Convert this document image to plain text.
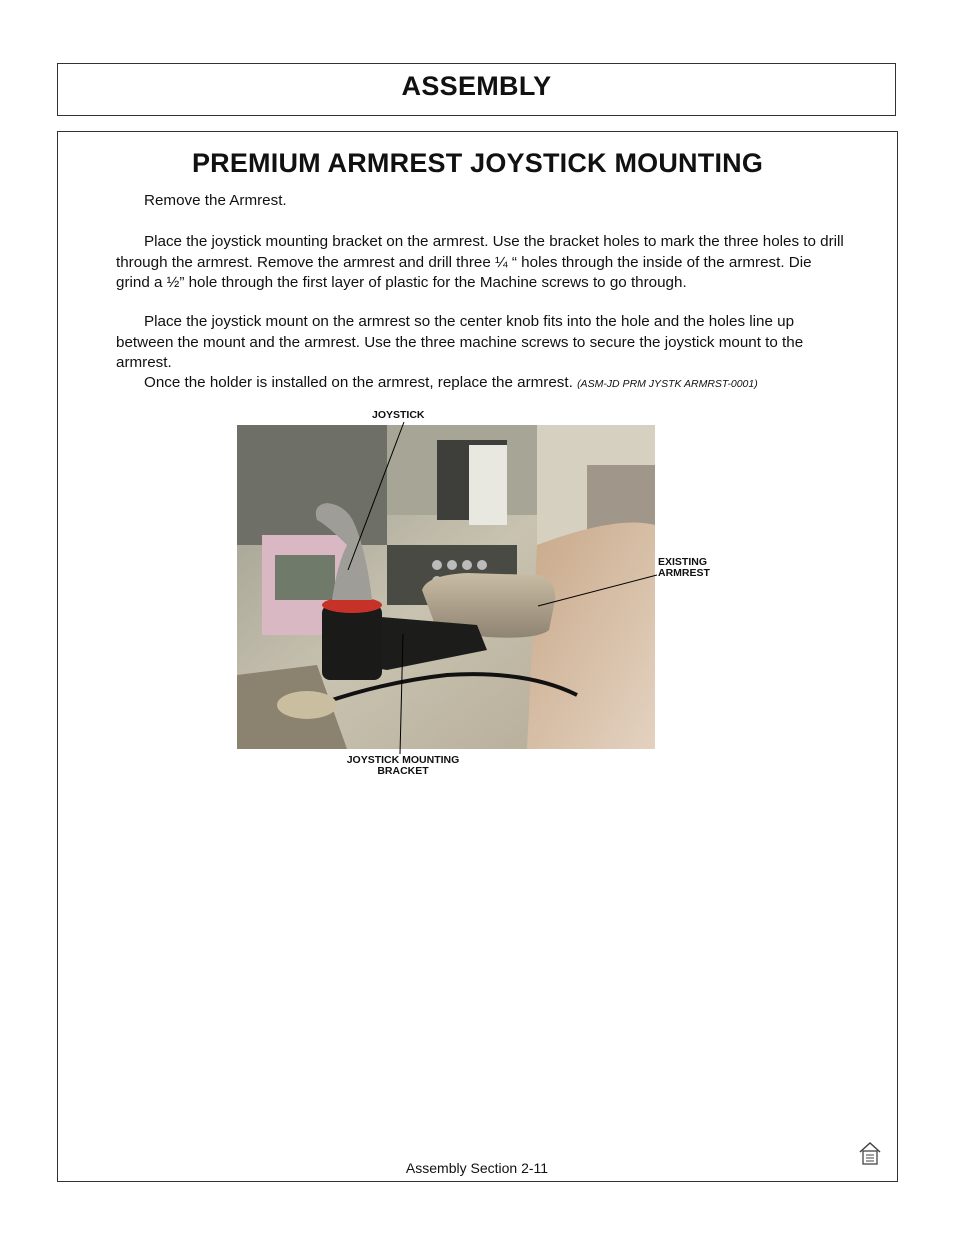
ASSEMBLY
PREMIUM ARMREST JOYSTICK MOUNTING

Remove the Armrest.

Place the joystick mounting bracket on the armrest. Use the bracket holes to mark the three holes to drill through the armrest. Remove the armrest and drill three ¼ “ holes through the inside of the armrest. Die grind a ½” hole through the first layer of plastic for the Machine screws to go through.

Place the joystick mount on the armrest so the center knob fits into the hole and the holes line up between the mount and the armrest. Use the three machine screws to secure the joystick mount to the armrest.

Once the holder is installed on the armrest, replace the armrest. (ASM-JD PRM JYSTK ARMRST-0001)

JOYSTICK
EXISTING
ARMREST
JOYSTICK MOUNTING
BRACKET
Assembly Section 2-11
